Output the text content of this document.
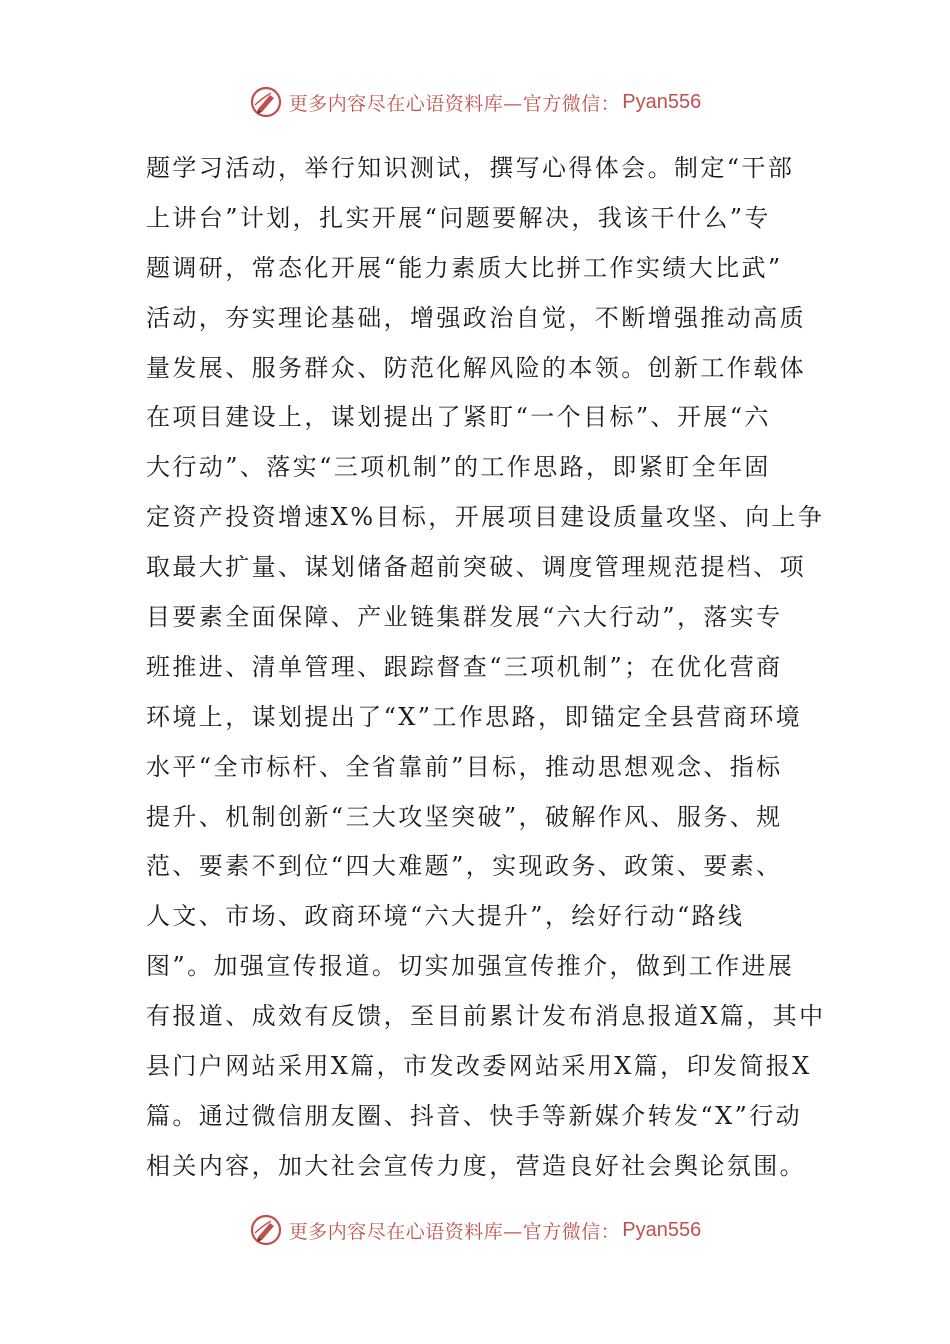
更多内容尽在心语资料库—官方微信： Pyan556
题学习活动，举行知识测试，撰写心得体会。制定“干部
上讲台”计划，扎实开展“问题要解决，我该干什么”专
题调研，常态化开展“能力素质大比拼工作实绩大比武”
活动，夯实理论基础，增强政治自觉，不断增强推动高质
量发展、服务群众、防范化解风险的本领。创新工作载体
在项目建设上，谋划提出了紧盯“一个目标”、开展“六
大行动”、落实“三项机制”的工作思路，即紧盯全年固
定资产投资增速X%目标，开展项目建设质量攻坚、向上争
取最大扩量、谋划储备超前突破、调度管理规范提档、项
目要素全面保障、产业链集群发展“六大行动”，落实专
班推进、清单管理、跟踪督查“三项机制”；在优化营商
环境上，谋划提出了“X”工作思路，即锚定全县营商环境
水平“全市标杆、全省靠前”目标，推动思想观念、指标
提升、机制创新“三大攻坚突破”，破解作风、服务、规
范、要素不到位“四大难题”，实现政务、政策、要素、
人文、市场、政商环境“六大提升”，绘好行动“路线
图”。加强宣传报道。切实加强宣传推介，做到工作进展
有报道、成效有反馈，至目前累计发布消息报道X篇，其中
县门户网站采用X篇，市发改委网站采用X篇，印发简报X
篇。通过微信朋友圈、抖音、快手等新媒介转发“X”行动
相关内容，加大社会宣传力度，营造良好社会舆论氛围。
更多内容尽在心语资料库—官方微信： Pyan556
